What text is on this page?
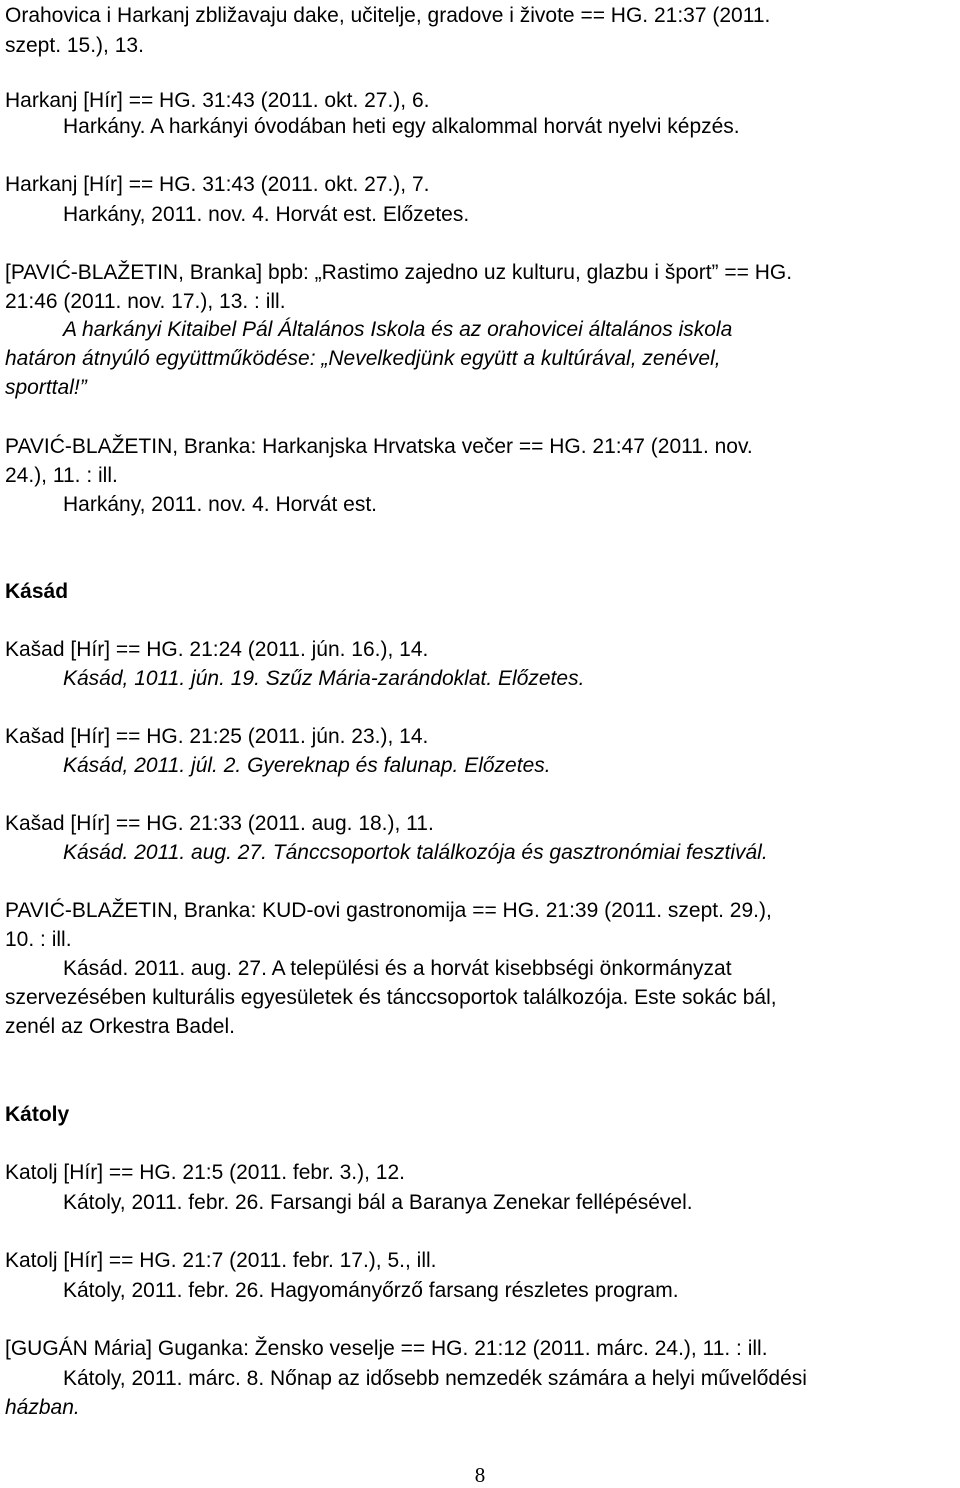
Orahovica i Harkanj zbližavaju dake, učitelje, gradove i živote == HG. 21:37 (2011.
szept. 15.), 13.
Harkanj [Hír] == HG. 31:43 (2011. okt. 27.), 6.
Harkány. A harkányi óvodában heti egy alkalommal horvát nyelvi képzés.
Harkanj [Hír] == HG. 31:43 (2011. okt. 27.), 7.
Harkány, 2011. nov. 4. Horvát est. Előzetes.
[PAVIĆ-BLAŽETIN, Branka] bpb: „Rastimo zajedno uz kulturu, glazbu i šport” == HG.
21:46 (2011. nov. 17.), 13. : ill.
A harkányi Kitaibel Pál Általános Iskola és az orahovicei általános iskola
határon átnyúló együttműködése: „Nevelkedjünk együtt a kultúrával, zenével,
sporttal!”
PAVIĆ-BLAŽETIN, Branka: Harkanjska Hrvatska večer == HG. 21:47 (2011. nov.
24.), 11. : ill.
Harkány, 2011. nov. 4. Horvát est.
Kásád
Kašad [Hír] == HG. 21:24 (2011. jún. 16.), 14.
Kásád, 1011. jún. 19. Szűz Mária-zarándoklat. Előzetes.
Kašad [Hír] == HG. 21:25 (2011. jún. 23.), 14.
Kásád, 2011. júl. 2. Gyereknap és falunap. Előzetes.
Kašad [Hír] == HG. 21:33 (2011. aug. 18.), 11.
Kásád. 2011. aug. 27. Tánccsoportok találkozója és gasztronómiai fesztivál.
PAVIĆ-BLAŽETIN, Branka: KUD-ovi gastronomija == HG. 21:39 (2011. szept. 29.),
10. : ill.
Kásád. 2011. aug. 27. A települési és a horvát kisebbségi önkormányzat
szervezésében kulturális egyesületek és tánccsoportok találkozója. Este sokác bál,
zenél az Orkestra Badel.
Kátoly
Katolj [Hír] == HG. 21:5 (2011. febr. 3.), 12.
Kátoly, 2011. febr. 26. Farsangi bál a Baranya Zenekar fellépésével.
Katolj [Hír] == HG. 21:7 (2011. febr. 17.), 5., ill.
Kátoly, 2011. febr. 26. Hagyományőrző farsang részletes program.
[GUGÁN Mária] Guganka: Žensko veselje == HG. 21:12 (2011. márc. 24.), 11. : ill.
Kátoly, 2011. márc. 8. Nőnap az idősebb nemzedék számára a helyi művelődési
házban.
8
